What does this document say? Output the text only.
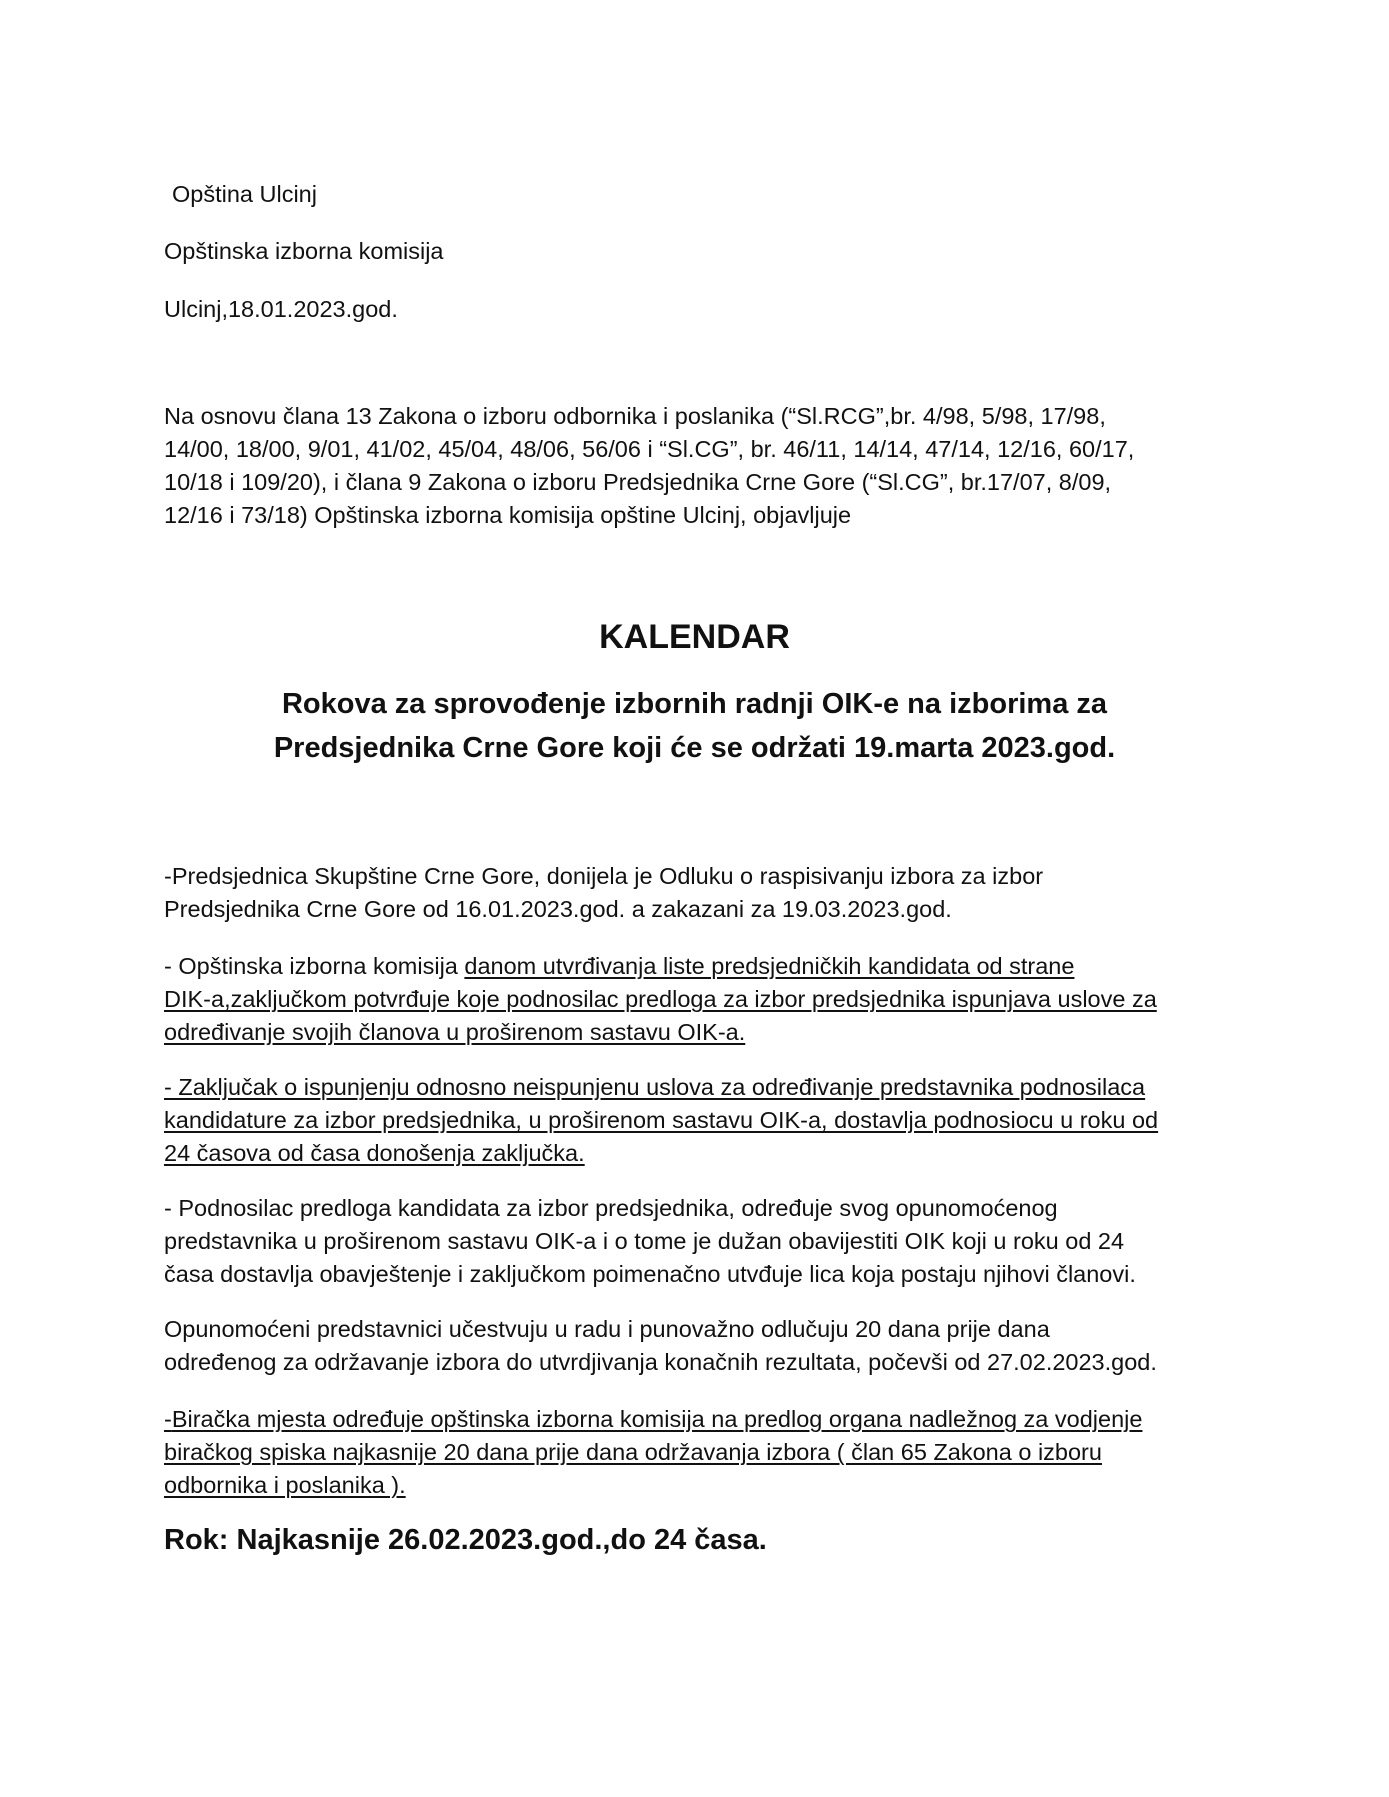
Opština Ulcinj

Opštinska izborna komisija

Ulcinj,18.01.2023.god.

Na osnovu člana 13 Zakona o izboru odbornika i poslanika (“Sl.RCG”,br. 4/98, 5/98, 17/98,
14/00, 18/00, 9/01, 41/02, 45/04, 48/06, 56/06 i “Sl.CG”, br. 46/11, 14/14, 47/14, 12/16, 60/17,
10/18 i 109/20), i člana 9 Zakona o izboru Predsjednika Crne Gore (“Sl.CG”, br.17/07, 8/09,
12/16 i 73/18) Opštinska izborna komisija opštine Ulcinj, objavljuje
KALENDAR
Rokova za sprovođenje izbornih radnji OIK-e na izborima za
Predsjednika Crne Gore koji će se održati 19.marta 2023.god.
-Predsjednica Skupštine Crne Gore, donijela je Odluku o raspisivanju izbora za izbor
Predsjednika Crne Gore od 16.01.2023.god. a zakazani za 19.03.2023.god.
- Opštinska izborna komisija danom utvrđivanja liste predsjedničkih kandidata od strane
DIK-a,zaključkom potvrđuje koje podnosilac predloga za izbor predsjednika ispunjava uslove za
određivanje svojih članova u proširenom sastavu OIK-a.
- Zaključak o ispunjenju odnosno neispunjenu uslova za određivanje predstavnika podnosilaca
kandidature za izbor predsjednika, u proširenom sastavu OIK-a, dostavlja podnosiocu u roku od
24 časova od časa donošenja zaključka.
- Podnosilac predloga kandidata za izbor predsjednika, određuje svog opunomoćenog
predstavnika u proširenom sastavu OIK-a i o tome je dužan obavijestiti OIK koji u roku od 24
časa dostavlja obavještenje i zaključkom poimenačno utvđuje lica koja postaju njihovi članovi.
Opunomoćeni predstavnici učestvuju u radu i punovažno odlučuju 20 dana prije dana
određenog za održavanje izbora do utvrdjivanja konačnih rezultata, počevši od 27.02.2023.god.
-Biračka mjesta određuje opštinska izborna komisija na predlog organa nadležnog za vodjenje
biračkog spiska najkasnije 20 dana prije dana održavanja izbora ( član 65 Zakona o izboru
odbornika i poslanika ).

Rok: Najkasnije 26.02.2023.god.,do 24 časa.
